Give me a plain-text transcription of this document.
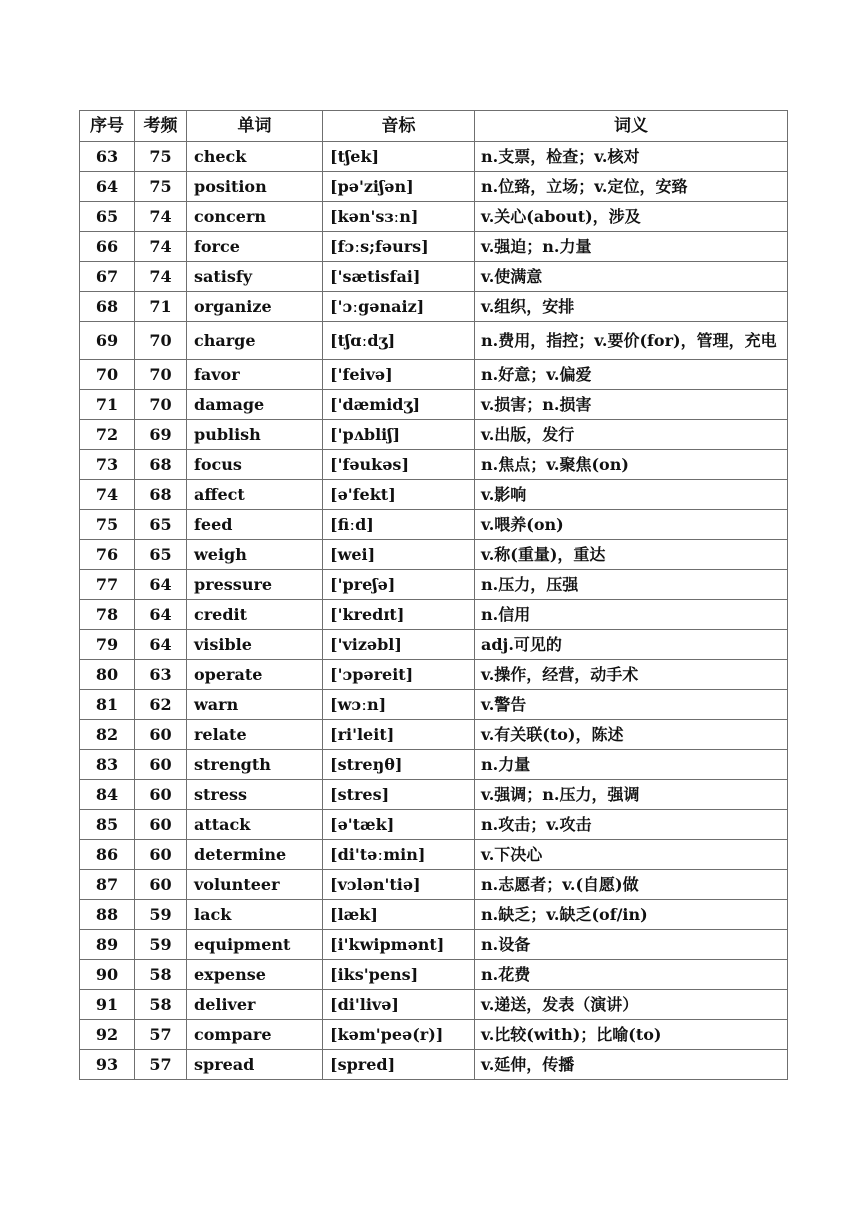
序号	考频	单词	音标	词义
63	75	check	[tʃek]	n.支票，检查；v.核对
64	75	position	[pə'ziʃən]	n.位臵，立场；v.定位，安臵
65	74	concern	[kən'sɜːn]	v.关心(about)，涉及
66	74	force	[fɔːs;fəurs]	v.强迫；n.力量
67	74	satisfy	['sætisfai]	v.使满意
68	71	organize	['ɔːgənaiz]	v.组织，安排
69	70	charge	[tʃɑːdʒ]	n.费用，指控；v.要价(for)，管理，充电
70	70	favor	['feivə]	n.好意；v.偏爱
71	70	damage	['dæmidʒ]	v.损害；n.损害
72	69	publish	['pʌbliʃ]	v.出版，发行
73	68	focus	['fəukəs]	n.焦点；v.聚焦(on)
74	68	affect	[ə'fekt]	v.影响
75	65	feed	[fiːd]	v.喂养(on)
76	65	weigh	[wei]	v.称(重量)，重达
77	64	pressure	['preʃə]	n.压力，压强
78	64	credit	['kredɪt]	n.信用
79	64	visible	['vizəbl]	adj.可见的
80	63	operate	['ɔpəreit]	v.操作，经营，动手术
81	62	warn	[wɔːn]	v.警告
82	60	relate	[ri'leit]	v.有关联(to)，陈述
83	60	strength	[streŋθ]	n.力量
84	60	stress	[stres]	v.强调；n.压力，强调
85	60	attack	[ə'tæk]	n.攻击；v.攻击
86	60	determine	[di'təːmin]	v.下决心
87	60	volunteer	[vɔlən'tiə]	n.志愿者；v.(自愿)做
88	59	lack	[læk]	n.缺乏；v.缺乏(of/in)
89	59	equipment	[i'kwipmənt]	n.设备
90	58	expense	[iks'pens]	n.花费
91	58	deliver	[di'livə]	v.递送，发表（演讲）
92	57	compare	[kəm'peə(r)]	v.比较(with)；比喻(to)
93	57	spread	[spred]	v.延伸，传播
